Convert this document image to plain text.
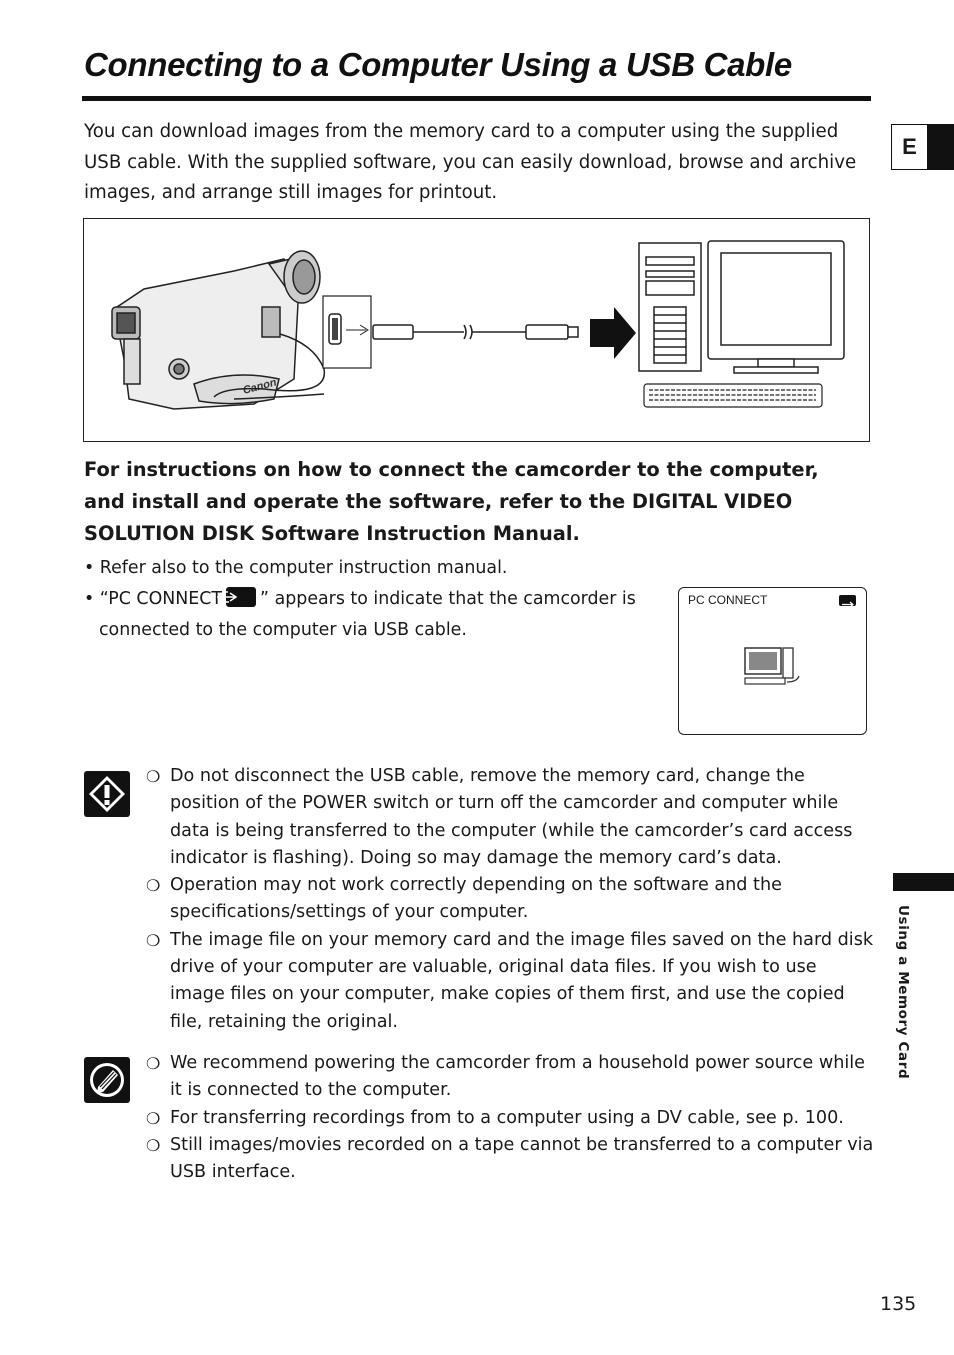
Connecting to a Computer Using a USB Cable
E
You can download images from the memory card to a computer using the supplied USB cable. With the supplied software, you can easily download, browse and archive images, and arrange still images for printout.
Canon
For instructions on how to connect the camcorder to the computer, and install and operate the software, refer to the DIGITAL VIDEO SOLUTION DISK Software Instruction Manual.
• Refer also to the computer instruction manual.
• “PC CONNECT ” appears to indicate that the camcorder is connected to the computer via USB cable.
PC CONNECT
❍ Do not disconnect the USB cable, remove the memory card, change the position of the POWER switch or turn off the camcorder and computer while data is being transferred to the computer (while the camcorder’s card access indicator is flashing). Doing so may damage the memory card’s data.
❍ Operation may not work correctly depending on the software and the specifications/settings of your computer.
❍ The image file on your memory card and the image files saved on the hard disk drive of your computer are valuable, original data files. If you wish to use image files on your computer, make copies of them first, and use the copied file, retaining the original.
❍ We recommend powering the camcorder from a household power source while it is connected to the computer.
❍ For transferring recordings from to a computer using a DV cable, see p. 100.
❍ Still images/movies recorded on a tape cannot be transferred to a computer via USB interface.
Using a Memory Card
135
